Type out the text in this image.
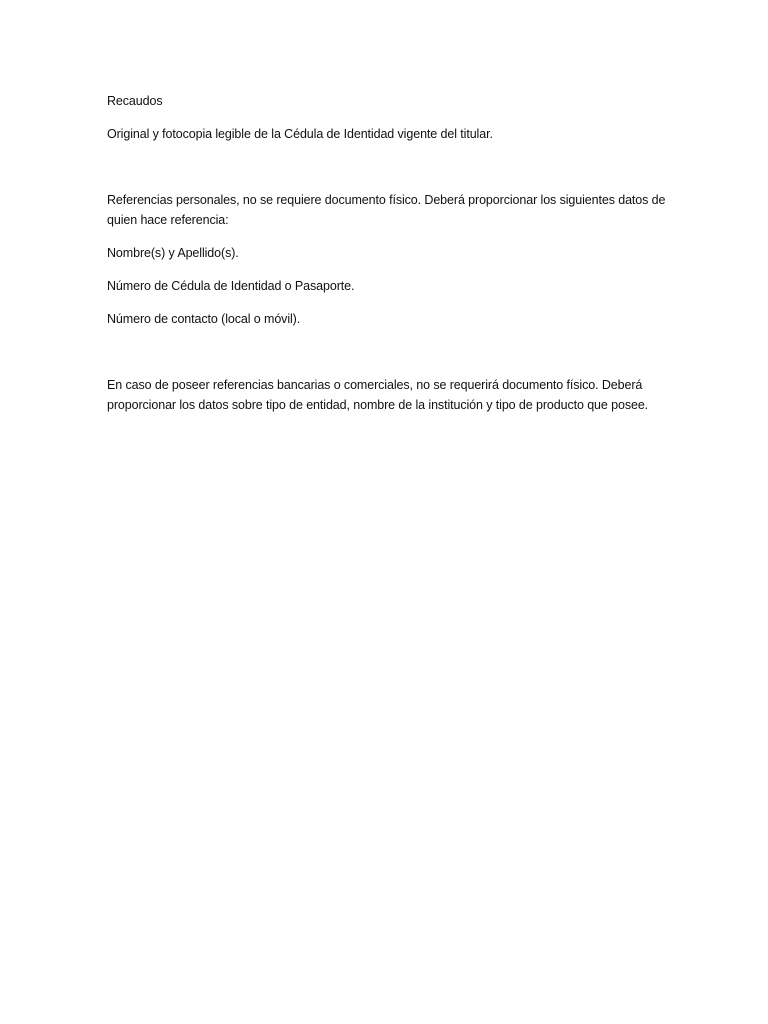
Recaudos

Original y fotocopia legible de la Cédula de Identidad vigente del titular.

Referencias personales, no se requiere documento físico. Deberá proporcionar los siguientes datos de quien hace referencia:

Nombre(s) y Apellido(s).

Número de Cédula de Identidad o Pasaporte.

Número de contacto (local o móvil).

En caso de poseer referencias bancarias o comerciales, no se requerirá documento físico. Deberá proporcionar los datos sobre tipo de entidad, nombre de la institución y tipo de producto que posee.
